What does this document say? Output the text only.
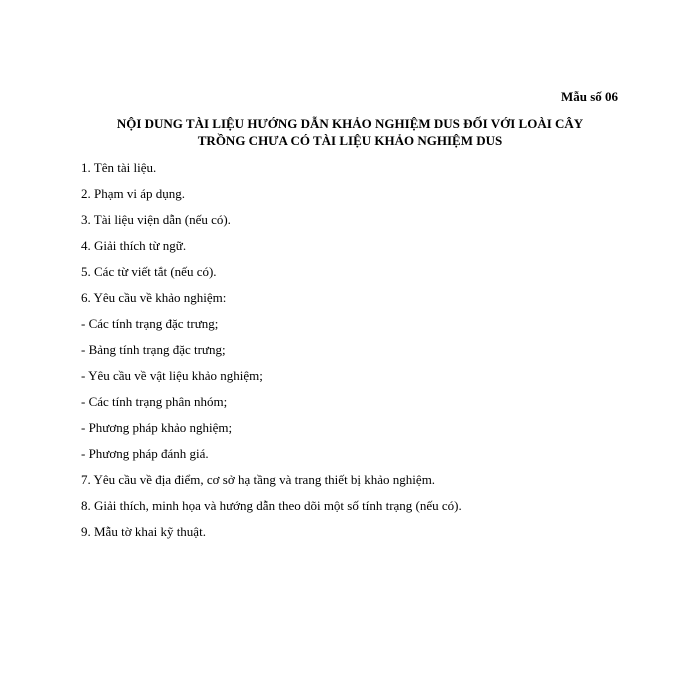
Mẫu số 06
NỘI DUNG TÀI LIỆU HƯỚNG DẪN KHẢO NGHIỆM DUS ĐỐI VỚI LOÀI CÂY
TRỒNG CHƯA CÓ TÀI LIỆU KHẢO NGHIỆM DUS
1. Tên tài liệu.
2. Phạm vi áp dụng.
3. Tài liệu viện dẫn (nếu có).
4. Giải thích từ ngữ.
5. Các từ viết tắt (nếu có).
6. Yêu cầu về khảo nghiệm:
- Các tính trạng đặc trưng;
- Bảng tính trạng đặc trưng;
- Yêu cầu về vật liệu khảo nghiệm;
- Các tính trạng phân nhóm;
- Phương pháp khảo nghiệm;
- Phương pháp đánh giá.
7. Yêu cầu về địa điểm, cơ sở hạ tầng và trang thiết bị khảo nghiệm.
8. Giải thích, minh họa và hướng dẫn theo dõi một số tính trạng (nếu có).
9. Mẫu tờ khai kỹ thuật.
